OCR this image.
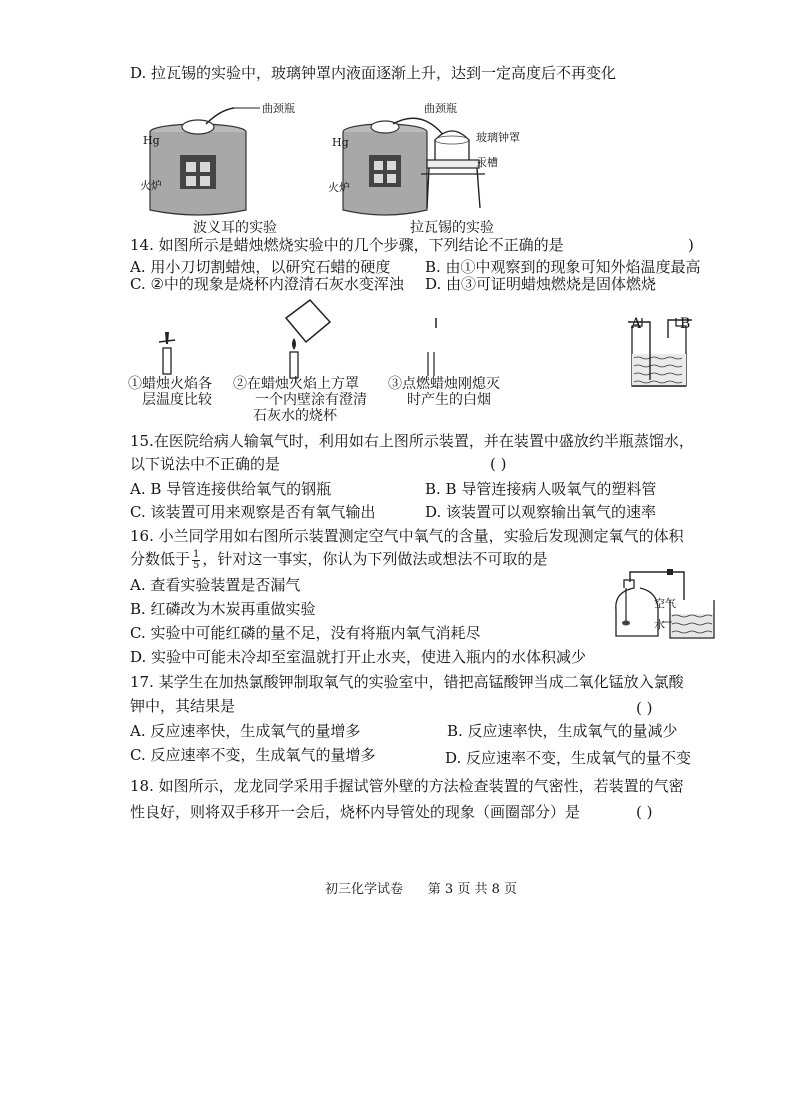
D. 拉瓦锡的实验中，玻璃钟罩内液面逐渐上升，达到一定高度后不再变化
曲颈瓶
Hg
火炉
波义耳的实验
曲颈瓶
Hg	玻璃钟罩
汞槽
火炉
拉瓦锡的实验
14. 如图所示是蜡烛燃烧实验中的几个步骤，下列结论不正确的是	)
A. 用小刀切割蜡烛，以研究石蜡的硬度 B. 由①中观察到的现象可知外焰温度最高
C. ②中的现象是烧杯内澄清石灰水变浑浊 D. 由③可证明蜡烛燃烧是固体燃烧
①蜡烛火焰各
层温度比较
②在蜡烛火焰上方罩
一个内壁涂有澄清
石灰水的烧杯
③点燃蜡烛刚熄灭
时产生的白烟
A	B
15.在医院给病人输氧气时，利用如右上图所示装置，并在装置中盛放约半瓶蒸馏水，
以下说法中不正确的是	( )
A. B 导管连接供给氧气的钢瓶	B. B 导管连接病人吸氧气的塑料管
C. 该装置可用来观察是否有氧气输出	D. 该装置可以观察输出氧气的速率
16. 小兰同学用如右图所示装置测定空气中氧气的含量，实验后发现测定氧气的体积
分数低于 $\frac{1}{5}$ ，针对这一事实，你认为下列做法或想法不可取的是
A. 查看实验装置是否漏气
B. 红磷改为木炭再重做实验
C. 实验中可能红磷的量不足，没有将瓶内氧气消耗尽
D. 实验中可能未冷却至室温就打开止水夹，使进入瓶内的水体积减少
空气
水
17. 某学生在加热氯酸钾制取氧气的实验室中，错把高锰酸钾当成二氧化锰放入氯酸
钾中，其结果是	( )
A. 反应速率快，生成氧气的量增多	B. 反应速率快，生成氧气的量减少
C. 反应速率不变，生成氧气的量增多	D. 反应速率不变，生成氧气的量不变
18. 如图所示，龙龙同学采用手握试管外壁的方法检查装置的气密性，若装置的气密
性良好，则将双手移开一会后，烧杯内导管处的现象（画圈部分）是	( )
初三化学试卷      第 3 页 共 8 页
